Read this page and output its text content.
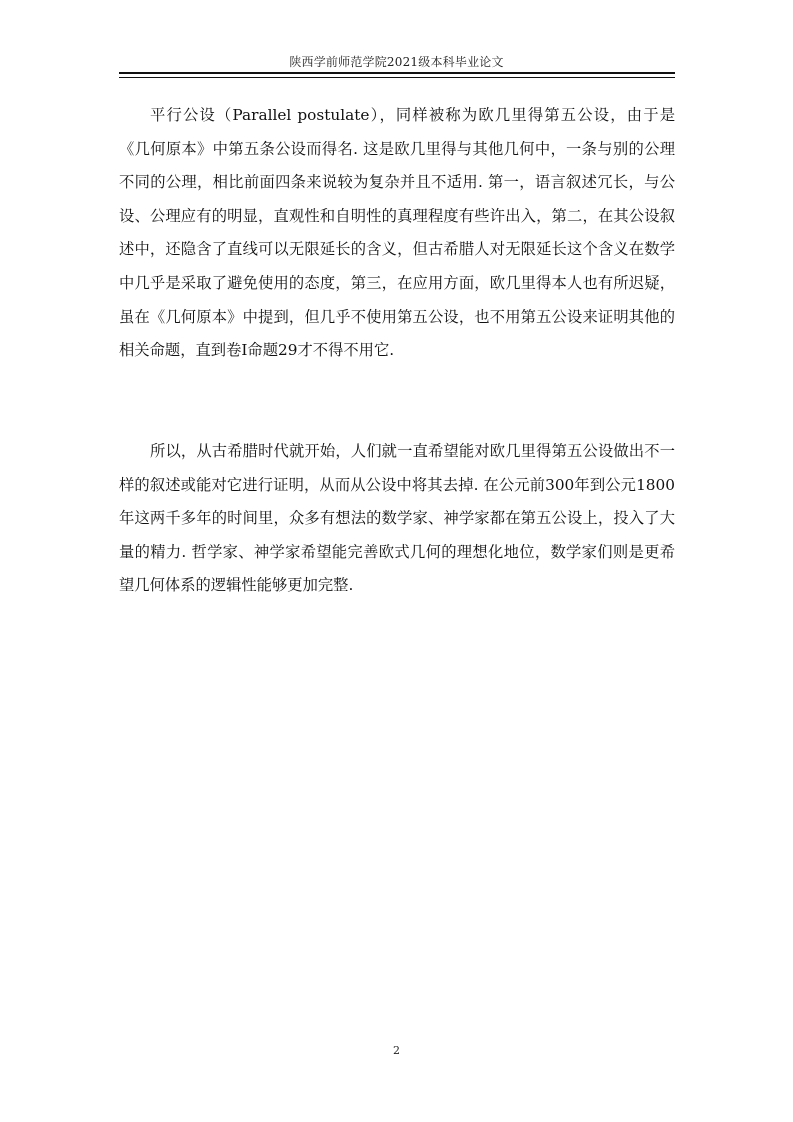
陕西学前师范学院2021级本科毕业论文

平行公设（Parallel postulate），同样被称为欧几里得第五公设，由于是《几何原本》中第五条公设而得名. 这是欧几里得与其他几何中，一条与别的公理不同的公理，相比前面四条来说较为复杂并且不适用. 第一，语言叙述冗长，与公设、公理应有的明显，直观性和自明性的真理程度有些许出入，第二，在其公设叙述中，还隐含了直线可以无限延长的含义，但古希腊人对无限延长这个含义在数学中几乎是采取了避免使用的态度，第三，在应用方面，欧几里得本人也有所迟疑，虽在《几何原本》中提到，但几乎不使用第五公设，也不用第五公设来证明其他的相关命题，直到卷I命题29才不得不用它.

所以，从古希腊时代就开始，人们就一直希望能对欧几里得第五公设做出不一样的叙述或能对它进行证明，从而从公设中将其去掉. 在公元前300年到公元1800年这两千多年的时间里，众多有想法的数学家、神学家都在第五公设上，投入了大量的精力. 哲学家、神学家希望能完善欧式几何的理想化地位，数学家们则是更希望几何体系的逻辑性能够更加完整.

2
